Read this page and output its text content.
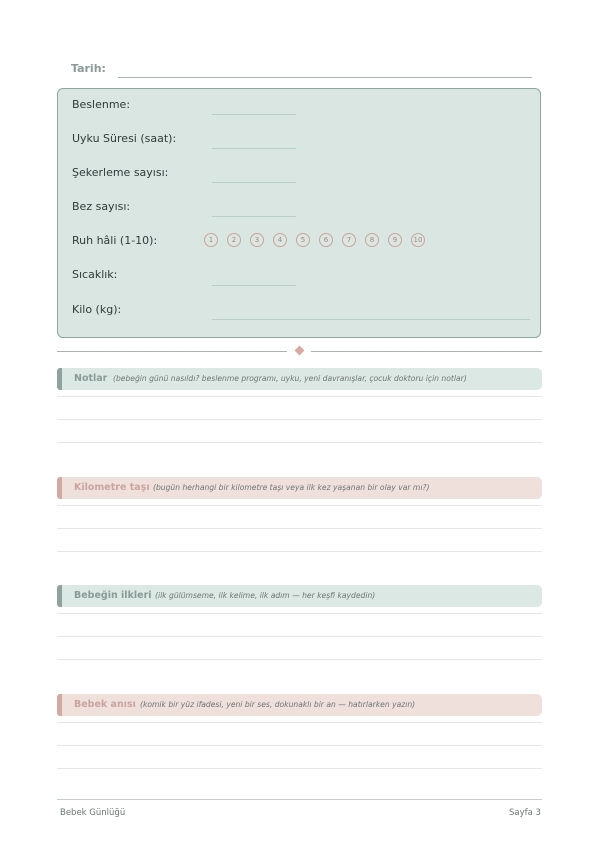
Tarih:
Beslenme:
Uyku Süresi (saat):
Şekerleme sayısı:
Bez sayısı:
Ruh hâli (1-10):	1	2	3	4	5	6	7	8	9	10
Sıcaklık:
Kilo (kg):
Notlar (bebeğin günü nasıldı? beslenme programı, uyku, yeni davranışlar, çocuk doktoru için notlar)
Kilometre taşı (bugün herhangi bir kilometre taşı veya ilk kez yaşanan bir olay var mı?)
Bebeğin ilkleri (ilk gülümseme, ilk kelime, ilk adım — her keşfi kaydedin)
Bebek anısı (komik bir yüz ifadesi, yeni bir ses, dokunaklı bir an — hatırlarken yazın)
Bebek Günlüğü	Sayfa 3
